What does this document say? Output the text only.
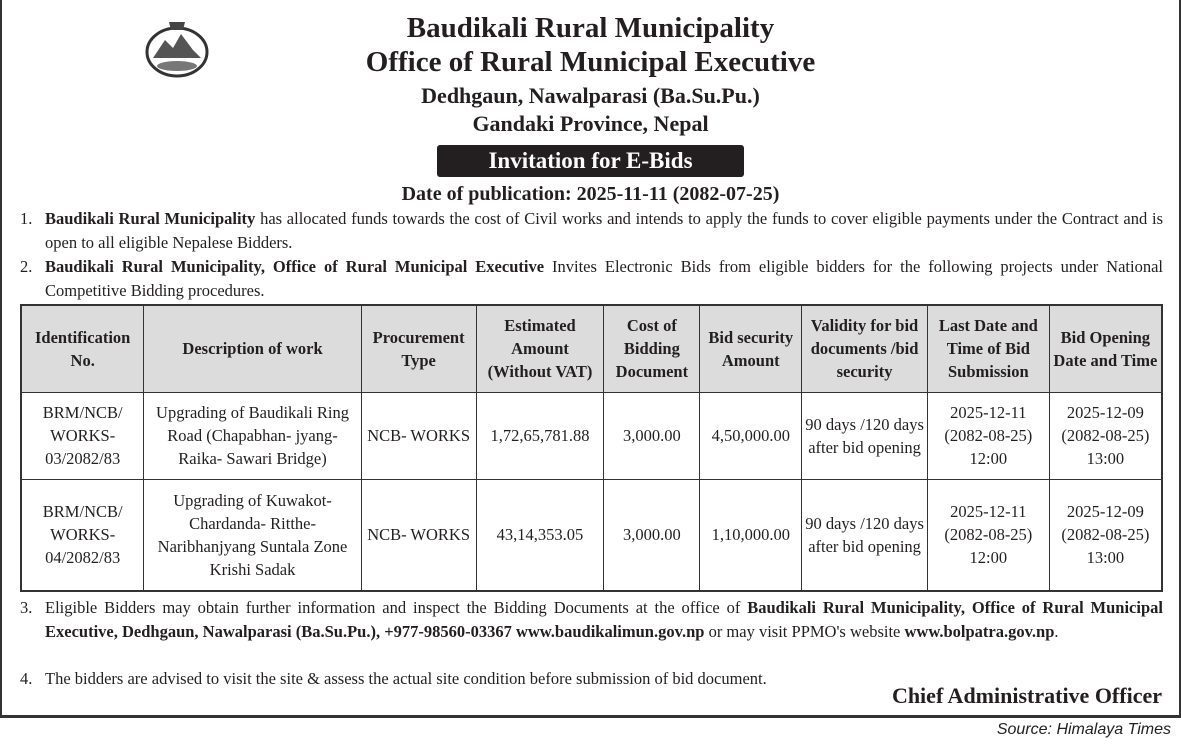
Baudikali Rural Municipality
Office of Rural Municipal Executive
Dedhgaun, Nawalparasi (Ba.Su.Pu.)
Gandaki Province, Nepal
Invitation for E-Bids
Date of publication: 2025-11-11 (2082-07-25)
1. Baudikali Rural Municipality has allocated funds towards the cost of Civil works and intends to apply the funds to cover eligible payments under the Contract and is open to all eligible Nepalese Bidders.
2. Baudikali Rural Municipality, Office of Rural Municipal Executive Invites Electronic Bids from eligible bidders for the following projects under National Competitive Bidding procedures.
Identification No.	Description of work	Procurement Type	Estimated Amount (Without VAT)	Cost of Bidding Document	Bid security Amount	Validity for bid documents /bid security	Last Date and Time of Bid Submission	Bid Opening Date and Time
BRM/NCB/ WORKS- 03/2082/83	Upgrading of Baudikali Ring Road (Chapabhan- jyang-Raika- Sawari Bridge)	NCB- WORKS	1,72,65,781.88	3,000.00	4,50,000.00	90 days /120 days after bid opening	2025-12-11 (2082-08-25) 12:00	2025-12-09 (2082-08-25) 13:00
BRM/NCB/ WORKS- 04/2082/83	Upgrading of Kuwakot- Chardanda- Ritthe- Naribhanjyang Suntala Zone Krishi Sadak	NCB- WORKS	43,14,353.05	3,000.00	1,10,000.00	90 days /120 days after bid opening	2025-12-11 (2082-08-25) 12:00	2025-12-09 (2082-08-25) 13:00
3. Eligible Bidders may obtain further information and inspect the Bidding Documents at the office of Baudikali Rural Municipality, Office of Rural Municipal Executive, Dedhgaun, Nawalparasi (Ba.Su.Pu.), +977-98560-03367 www.baudikalimun.gov.np or may visit PPMO's website www.bolpatra.gov.np.
4. The bidders are advised to visit the site & assess the actual site condition before submission of bid document.
Chief Administrative Officer
Source: Himalaya Times
